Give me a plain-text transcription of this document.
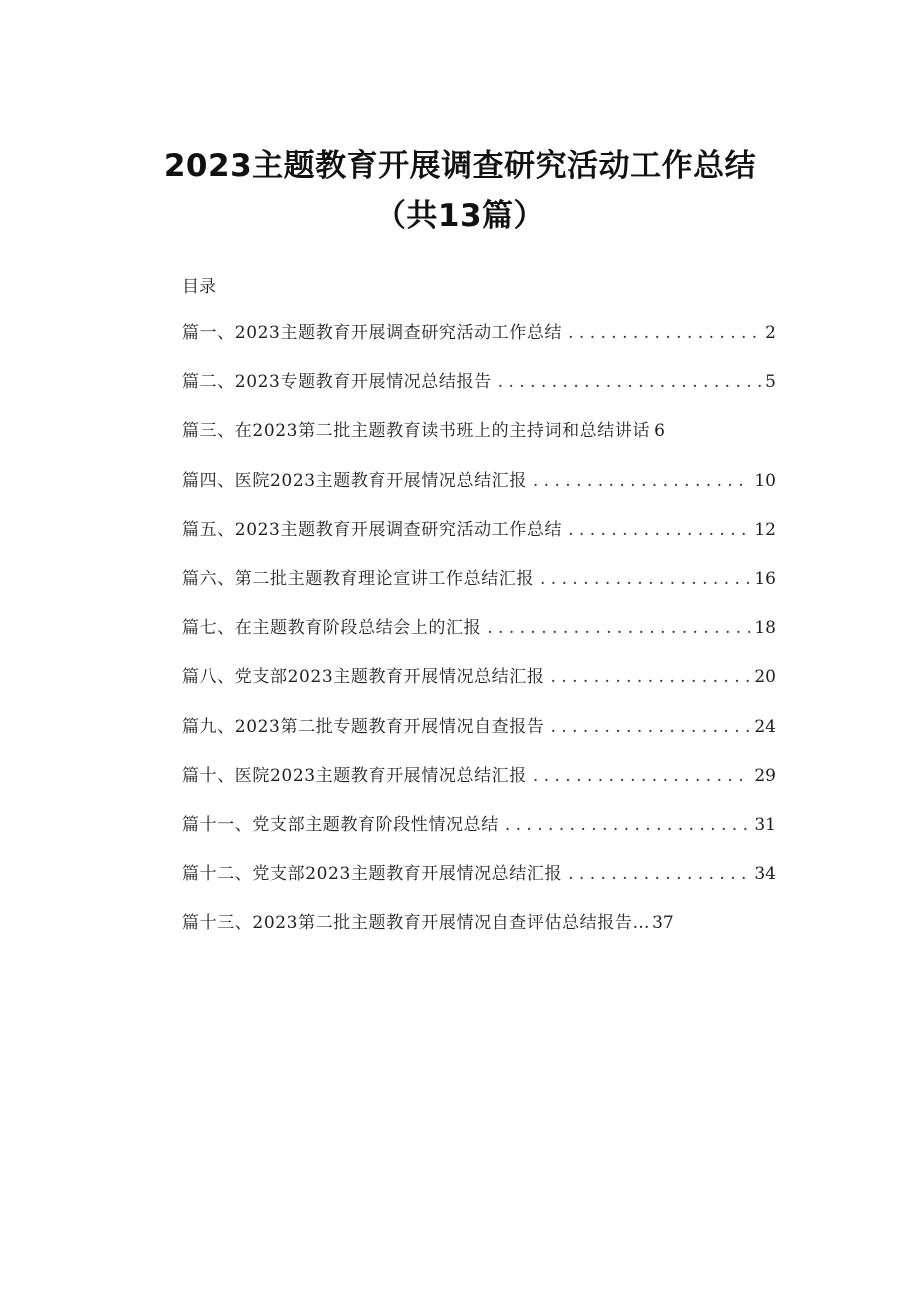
2023主题教育开展调查研究活动工作总结
（共13篇）
目录
篇一、2023主题教育开展调查研究活动工作总结 . . .	2
篇二、2023专题教育开展情况总结报告 . . .	5
篇三、在2023第二批主题教育读书班上的主持词和总结讲话 6
篇四、医院2023主题教育开展情况总结汇报 . . .	10
篇五、2023主题教育开展调查研究活动工作总结 . . .	12
篇六、第二批主题教育理论宣讲工作总结汇报 . . .	16
篇七、在主题教育阶段总结会上的汇报 . . .	18
篇八、党支部2023主题教育开展情况总结汇报 . . .	20
篇九、2023第二批专题教育开展情况自查报告 . . .	24
篇十、医院2023主题教育开展情况总结汇报 . . .	29
篇十一、党支部主题教育阶段性情况总结 . . .	31
篇十二、党支部2023主题教育开展情况总结汇报 . . .	34
篇十三、2023第二批主题教育开展情况自查评估总结报告… 37
